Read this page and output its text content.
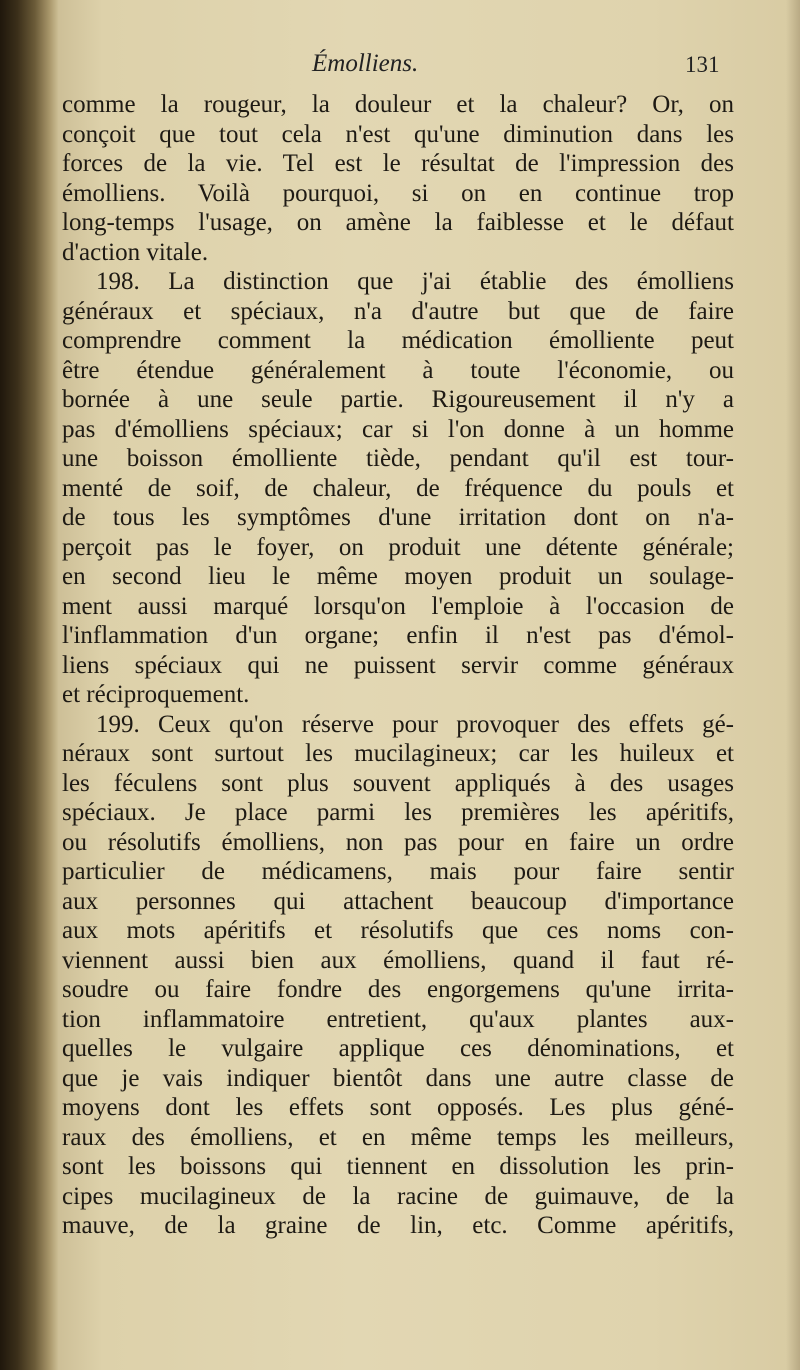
Émolliens.	131
comme la rougeur, la douleur et la chaleur? Or, on
conçoit que tout cela n'est qu'une diminution dans les
forces de la vie. Tel est le résultat de l'impression des
émolliens. Voilà pourquoi, si on en continue trop
long-temps l'usage, on amène la faiblesse et le défaut
d'action vitale.
198. La distinction que j'ai établie des émolliens
généraux et spéciaux, n'a d'autre but que de faire
comprendre comment la médication émolliente peut
être étendue généralement à toute l'économie, ou
bornée à une seule partie. Rigoureusement il n'y a
pas d'émolliens spéciaux; car si l'on donne à un homme
une boisson émolliente tiède, pendant qu'il est tour-
menté de soif, de chaleur, de fréquence du pouls et
de tous les symptômes d'une irritation dont on n'a-
perçoit pas le foyer, on produit une détente générale;
en second lieu le même moyen produit un soulage-
ment aussi marqué lorsqu'on l'emploie à l'occasion de
l'inflammation d'un organe; enfin il n'est pas d'émol-
liens spéciaux qui ne puissent servir comme généraux
et réciproquement.
199. Ceux qu'on réserve pour provoquer des effets gé-
néraux sont surtout les mucilagineux; car les huileux et
les féculens sont plus souvent appliqués à des usages
spéciaux. Je place parmi les premières les apéritifs,
ou résolutifs émolliens, non pas pour en faire un ordre
particulier de médicamens, mais pour faire sentir
aux personnes qui attachent beaucoup d'importance
aux mots apéritifs et résolutifs que ces noms con-
viennent aussi bien aux émolliens, quand il faut ré-
soudre ou faire fondre des engorgemens qu'une irrita-
tion inflammatoire entretient, qu'aux plantes aux-
quelles le vulgaire applique ces dénominations, et
que je vais indiquer bientôt dans une autre classe de
moyens dont les effets sont opposés. Les plus géné-
raux des émolliens, et en même temps les meilleurs,
sont les boissons qui tiennent en dissolution les prin-
cipes mucilagineux de la racine de guimauve, de la
mauve, de la graine de lin, etc. Comme apéritifs,
